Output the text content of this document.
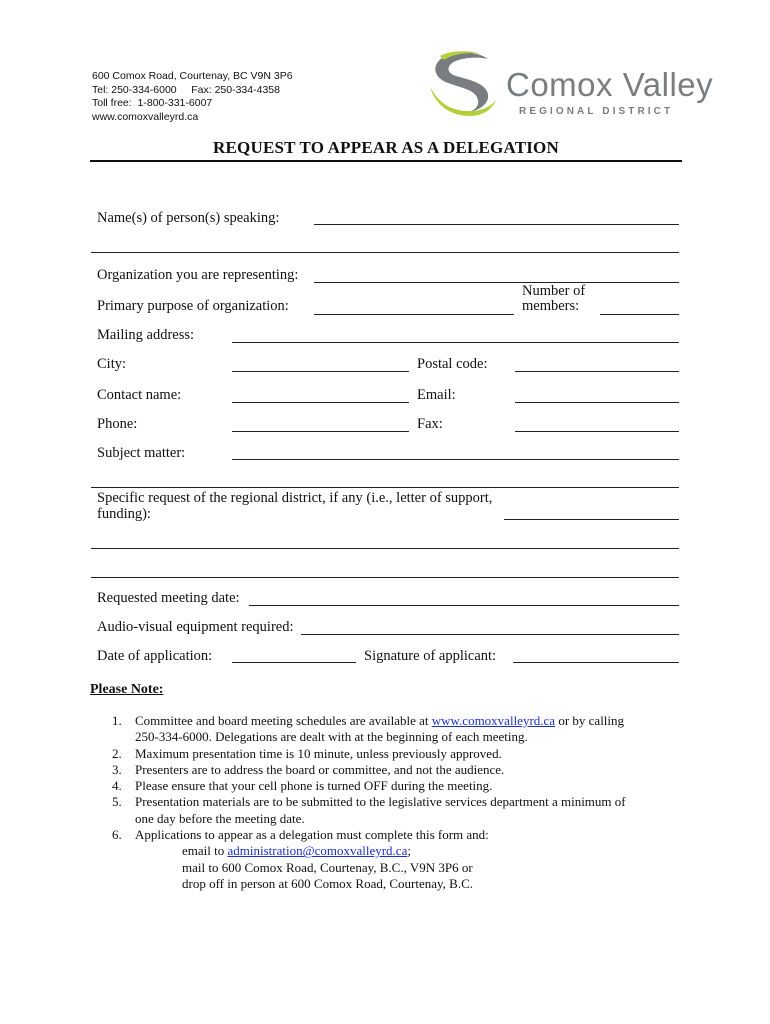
600 Comox Road, Courtenay, BC V9N 3P6
Tel: 250-334-6000     Fax: 250-334-4358
Toll free:  1-800-331-6007
www.comoxvalleyrd.ca
Comox Valley
REGIONAL DISTRICT
REQUEST TO APPEAR AS A DELEGATION
Name(s) of person(s) speaking:
Organization you are representing:
Primary purpose of organization:
Number of
members:
Mailing address:
City:	Postal code:
Contact name:	Email:
Phone:	Fax:
Subject matter:
Specific request of the regional district, if any (i.e., letter of support,
funding):
Requested meeting date:
Audio-visual equipment required:
Date of application:	Signature of applicant:
Please Note:
1. Committee and board meeting schedules are available at www.comoxvalleyrd.ca or by calling
250-334-6000. Delegations are dealt with at the beginning of each meeting.
2. Maximum presentation time is 10 minute, unless previously approved.
3. Presenters are to address the board or committee, and not the audience.
4. Please ensure that your cell phone is turned OFF during the meeting.
5. Presentation materials are to be submitted to the legislative services department a minimum of
one day before the meeting date.
6. Applications to appear as a delegation must complete this form and:
email to administration@comoxvalleyrd.ca;
mail to 600 Comox Road, Courtenay, B.C., V9N 3P6 or
drop off in person at 600 Comox Road, Courtenay, B.C.
